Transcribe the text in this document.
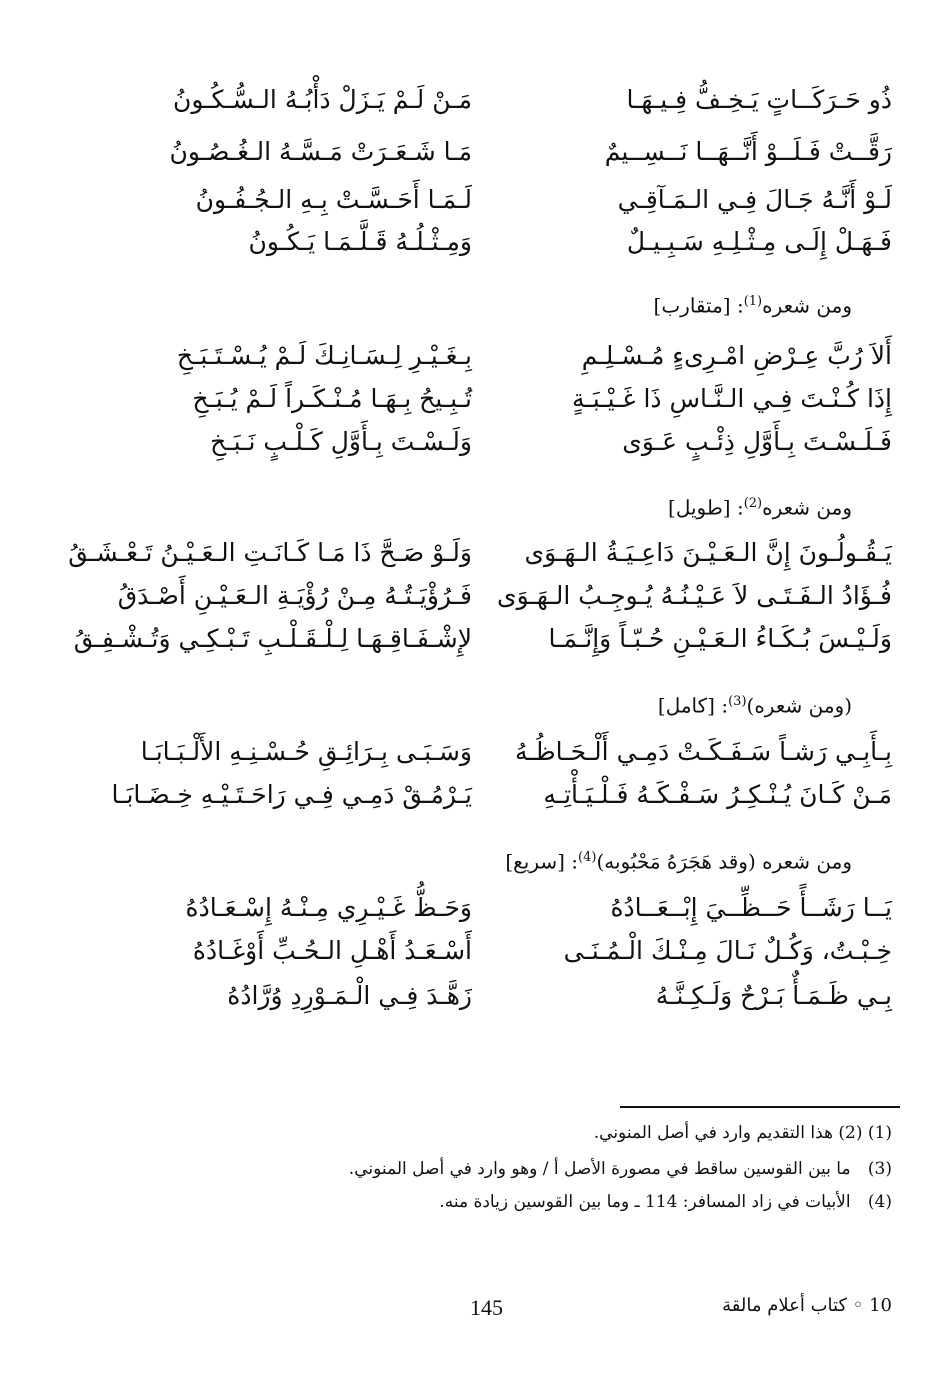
ذُو حَـرَكَــاتٍ يَـخِـفُّ فِـيـهَـا
مَـنْ لَـمْ يَـزَلْ دَأْبُـهُ الـسُّـكُـونُ
رَقَّــتْ فَـلَــوْ أَنَّــهَــا نَــسِــيمٌ
مَـا شَـعَـرَتْ مَـسَّـهُ الـغُـصُـونُ
لَـوْ أَنَّـهُ جَـالَ فِـي الـمَـآقِـي
لَـمَـا أَحَـسَّـتْ بِـهِ الـجُـفُـونُ
فَـهَـلْ إِلَـى مِـثْـلِـهِ سَـبِـيـلٌ
وَمِـثْـلُـهُ قَـلَّـمَـا يَـكُـونُ
ومن شعره$^{(1)}$: [متقارب]
أَلاَ رُبَّ عِـرْضِ امْـرِىءٍ مُـسْـلِـمِ
بِـغَـيْـرِ لِـسَـانِـكَ لَـمْ يُـسْـتَـبَـخِ
إِذَا كُـنْـتَ فِـي الـنَّـاسِ ذَا غَـيْـبَـةٍ
تُـبِـيحُ بِـهَـا مُـنْـكَـراً لَـمْ يُـبَـخِ
فَـلَـسْـتَ بِـأَوَّلِ ذِئْـبٍ عَـوَى
وَلَـسْـتَ بِـأَوَّلِ كَـلْـبٍ نَـبَـخِ
ومن شعره$^{(2)}$: [طويل]
يَـقُـولُـونَ إِنَّ الـعَـيْـنَ دَاعِـيَـةُ الـهَـوَى
وَلَـوْ صَـحَّ ذَا مَـا كَـانَـتِ الـعَـيْـنُ تَـعْـشَـقُ
فُـؤَادُ الـفَـتَـى لاَ عَـيْـنُـهُ يُـوجِـبُ الـهَـوَى
فَـرُؤْيَـتُـهُ مِـنْ رُؤْيَـةِ الـعَـيْـنِ أَصْـدَقُ
وَلَـيْـسَ بُـكَـاءُ الـعَـيْـنِ حُـبّـاً وَإِنَّـمَـا
لإِشْـفَـاقِـهَـا لِـلْـقَـلْـبِ تَـبْـكِـي وَتُـشْـفِـقُ
(ومن شعره)$^{(3)}$: [كامل]
بِـأَبِـي رَشـاً سَـفَـكَـتْ دَمِـي أَلْـحَـاظُـهُ
وَسَـبَـى بِـرَائِـقِ حُـسْـنِـهِ الأَلْـبَـابَـا
مَـنْ كَـانَ يُـنْـكِـرُ سَـفْـكَـهُ فَـلْـيَـأْتِـهِ
يَـرْمُـقْ دَمِـي فِـي رَاحَـتَـيْـهِ خِـضَـابَـا
ومن شعره (وقد هَجَرَهُ مَحْبُوبه)$^{(4)}$: [سريع]
يَــا رَشَــأً حَــظِّــيَ إِبْــعَــادُهُ
وَحَـظُّ غَـيْـرِي مِـنْـهُ إِسْـعَـادُهُ
خِـبْـتُ، وَكُـلٌ نَـالَ مِـنْـكَ الْـمُـنَـى
أَسْـعَـدُ أَهْـلِ الـحُـبِّ أَوْغَـادُهُ
بِـي ظَـمَـأٌ بَـرْحٌ وَلَـكِـنَّـهُ
زَهَّـدَ فِـي الْـمَـوْرِدِ وُرَّادُهُ
(1) (2) هذا التقديم وارد في أصل المنوني.
(3) ما بين القوسين ساقط في مصورة الأصل أ / وهو وارد في أصل المنوني.
(4) الأبيات في زاد المسافر: 114 ـ وما بين القوسين زيادة منه.
145	10 ◦ كتاب أعلام مالقة
